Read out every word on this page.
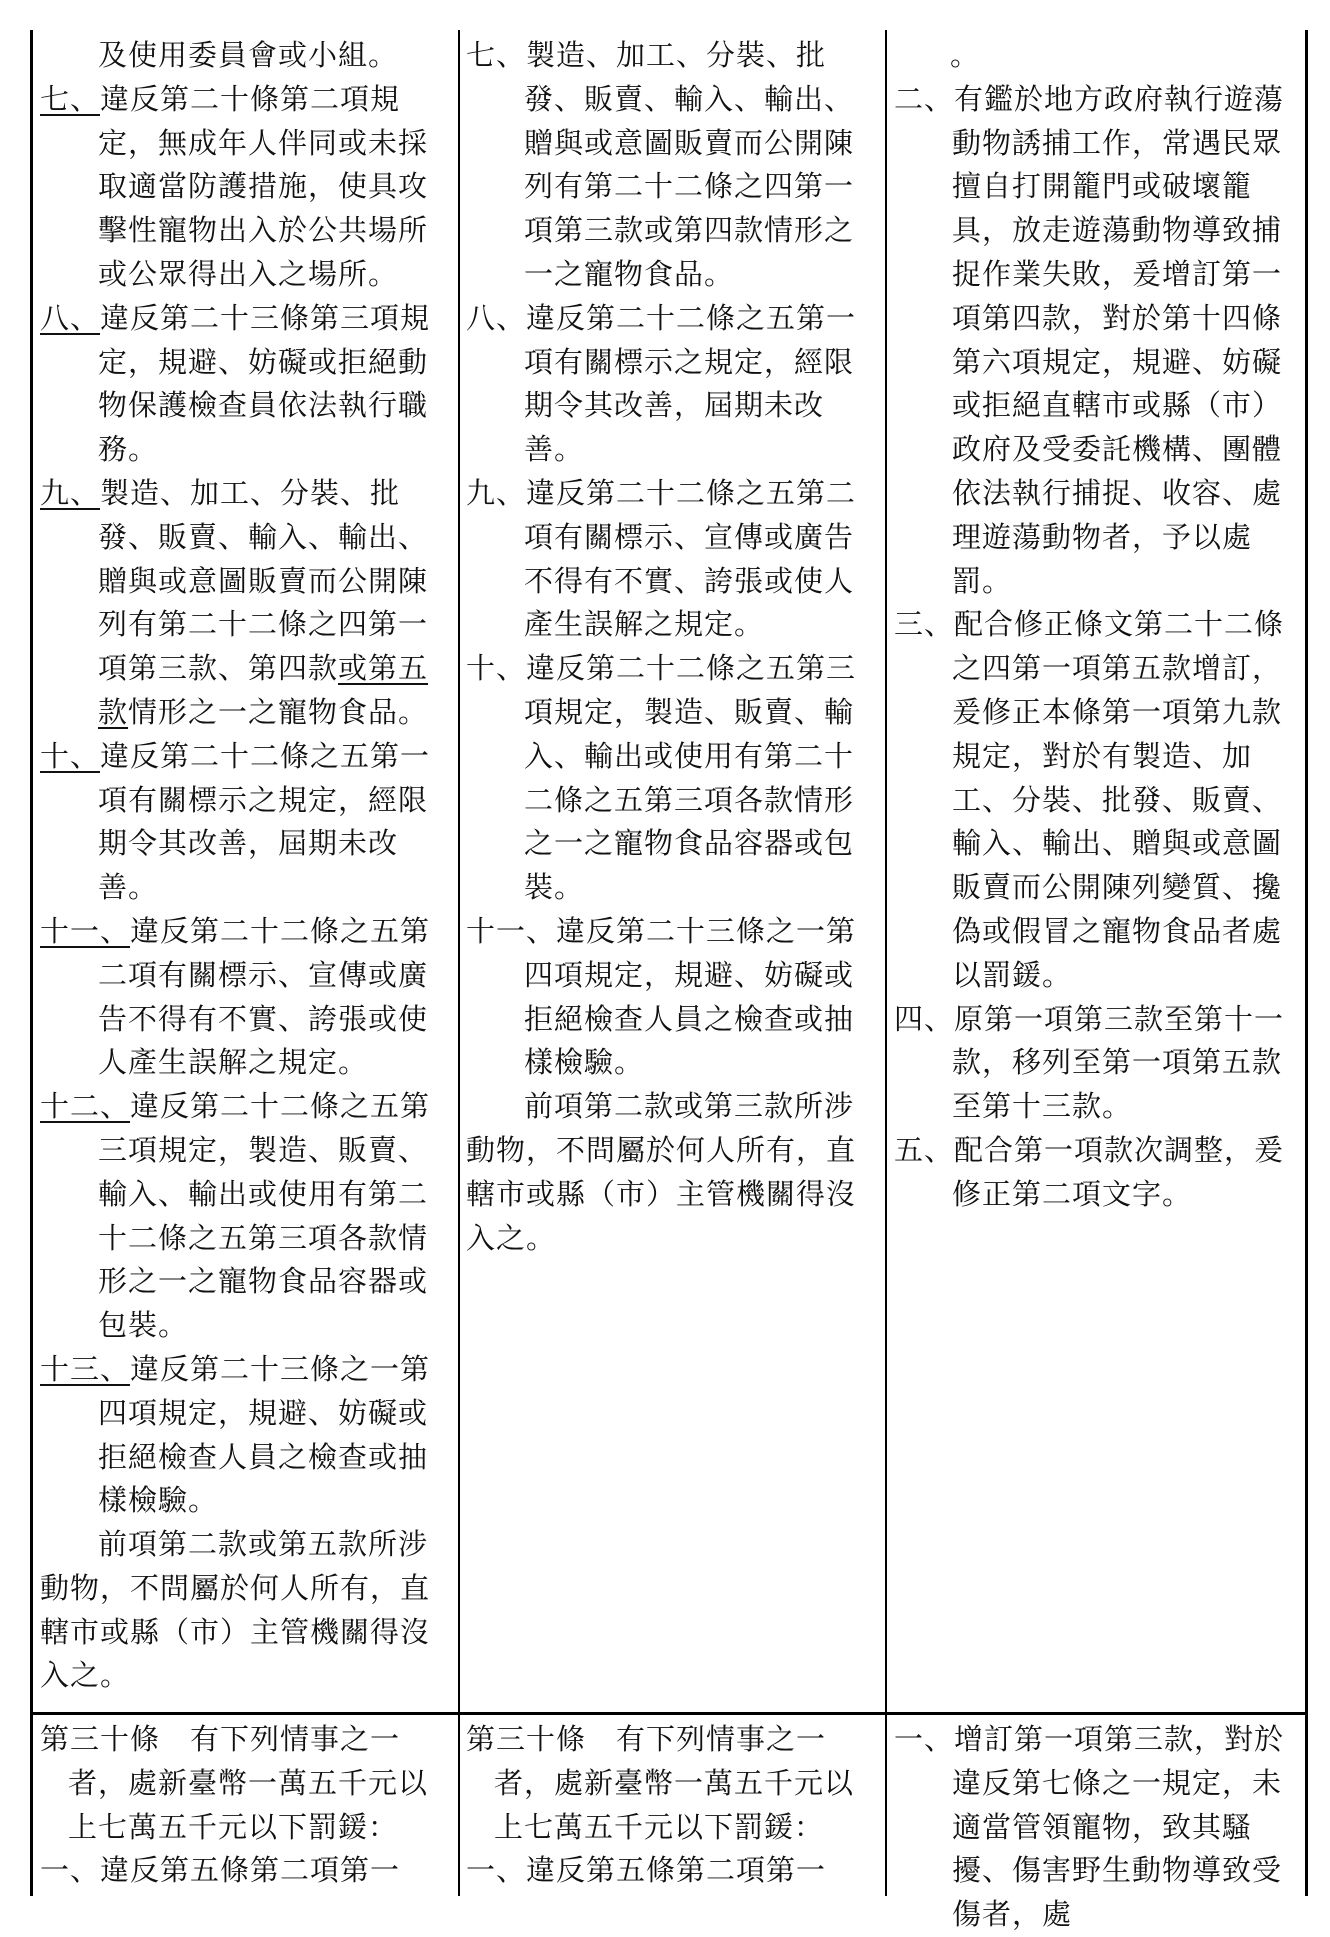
及使用委員會或小組。

七、違反第二十條第二項規定，無成年人伴同或未採取適當防護措施，使具攻擊性寵物出入於公共場所或公眾得出入之場所。

八、違反第二十三條第三項規定，規避、妨礙或拒絕動物保護檢查員依法執行職務。

九、製造、加工、分裝、批發、販賣、輸入、輸出、贈與或意圖販賣而公開陳列有第二十二條之四第一項第三款、第四款或第五款情形之一之寵物食品。

十、違反第二十二條之五第一項有關標示之規定，經限期令其改善，屆期未改善。

十一、違反第二十二條之五第二項有關標示、宣傳或廣告不得有不實、誇張或使人產生誤解之規定。

十二、違反第二十二條之五第三項規定，製造、販賣、輸入、輸出或使用有第二十二條之五第三項各款情形之一之寵物食品容器或包裝。

十三、違反第二十三條之一第四項規定，規避、妨礙或拒絕檢查人員之檢查或抽樣檢驗。

前項第二款或第五款所涉動物，不問屬於何人所有，直轄市或縣（市）主管機關得沒入之。

七、製造、加工、分裝、批發、販賣、輸入、輸出、贈與或意圖販賣而公開陳列有第二十二條之四第一項第三款或第四款情形之一之寵物食品。

八、違反第二十二條之五第一項有關標示之規定，經限期令其改善，屆期未改善。

九、違反第二十二條之五第二項有關標示、宣傳或廣告不得有不實、誇張或使人產生誤解之規定。

十、違反第二十二條之五第三項規定，製造、販賣、輸入、輸出或使用有第二十二條之五第三項各款情形之一之寵物食品容器或包裝。

十一、違反第二十三條之一第四項規定，規避、妨礙或拒絕檢查人員之檢查或抽樣檢驗。

前項第二款或第三款所涉動物，不問屬於何人所有，直轄市或縣（市）主管機關得沒入之。

。

二、有鑑於地方政府執行遊蕩動物誘捕工作，常遇民眾擅自打開籠門或破壞籠具，放走遊蕩動物導致捕捉作業失敗，爰增訂第一項第四款，對於第十四條第六項規定，規避、妨礙或拒絕直轄市或縣（市）政府及受委託機構、團體依法執行捕捉、收容、處理遊蕩動物者，予以處罰。

三、配合修正條文第二十二條之四第一項第五款增訂，爰修正本條第一項第九款規定，對於有製造、加工、分裝、批發、販賣、輸入、輸出、贈與或意圖販賣而公開陳列變質、攙偽或假冒之寵物食品者處以罰鍰。

四、原第一項第三款至第十一款，移列至第一項第五款至第十三款。

五、配合第一項款次調整，爰修正第二項文字。

第三十條　有下列情事之一者，處新臺幣一萬五千元以上七萬五千元以下罰鍰：

一、違反第五條第二項第一

第三十條　有下列情事之一者，處新臺幣一萬五千元以上七萬五千元以下罰鍰：

一、違反第五條第二項第一

一、增訂第一項第三款，對於違反第七條之一規定，未適當管領寵物，致其騷擾、傷害野生動物導致受傷者，處
